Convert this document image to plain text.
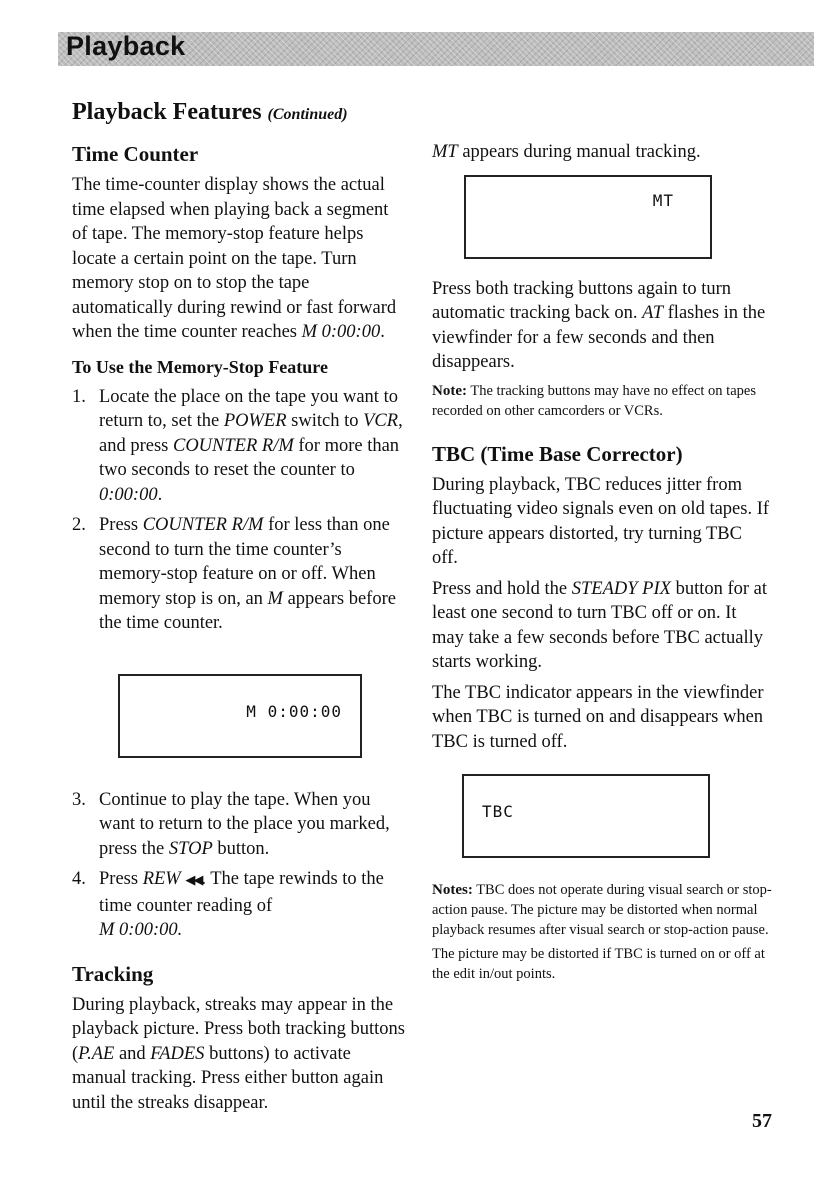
Playback
Playback Features (Continued)
Time Counter

The time-counter display shows the actual time elapsed when playing back a segment of tape. The memory-stop feature helps locate a certain point on the tape. Turn memory stop on to stop the tape automatically during rewind or fast forward when the time counter reaches M 0:00:00.

To Use the Memory-Stop Feature
1. Locate the place on the tape you want to return to, set the POWER switch to VCR, and press COUNTER R/M for more than two seconds to reset the counter to 0:00:00.
2. Press COUNTER R/M for less than one second to turn the time counter’s memory-stop feature on or off. When memory stop is on, an M appears before the time counter.
M 0:00:00
3. Continue to play the tape. When you want to return to the place you marked, press the STOP button.
4. Press REW ◀◀. The tape rewinds to the time counter reading of
M 0:00:00.
Tracking

During playback, streaks may appear in the playback picture. Press both tracking buttons (P.AE and FADES buttons) to activate manual tracking. Press either button again until the streaks disappear.

MT appears during manual tracking.

MT

Press both tracking buttons again to turn automatic tracking back on. AT flashes in the viewfinder for a few seconds and then disappears.

Note: The tracking buttons may have no effect on tapes recorded on other camcorders or VCRs.

TBC (Time Base Corrector)

During playback, TBC reduces jitter from fluctuating video signals even on old tapes. If picture appears distorted, try turning TBC off.

Press and hold the STEADY PIX button for at least one second to turn TBC off or on. It may take a few seconds before TBC actually starts working.

The TBC indicator appears in the viewfinder when TBC is turned on and disappears when TBC is turned off.

TBC

Notes: TBC does not operate during visual search or stop-action pause. The picture may be distorted when normal playback resumes after visual search or stop-action pause.

The picture may be distorted if TBC is turned on or off at the edit in/out points.

57
